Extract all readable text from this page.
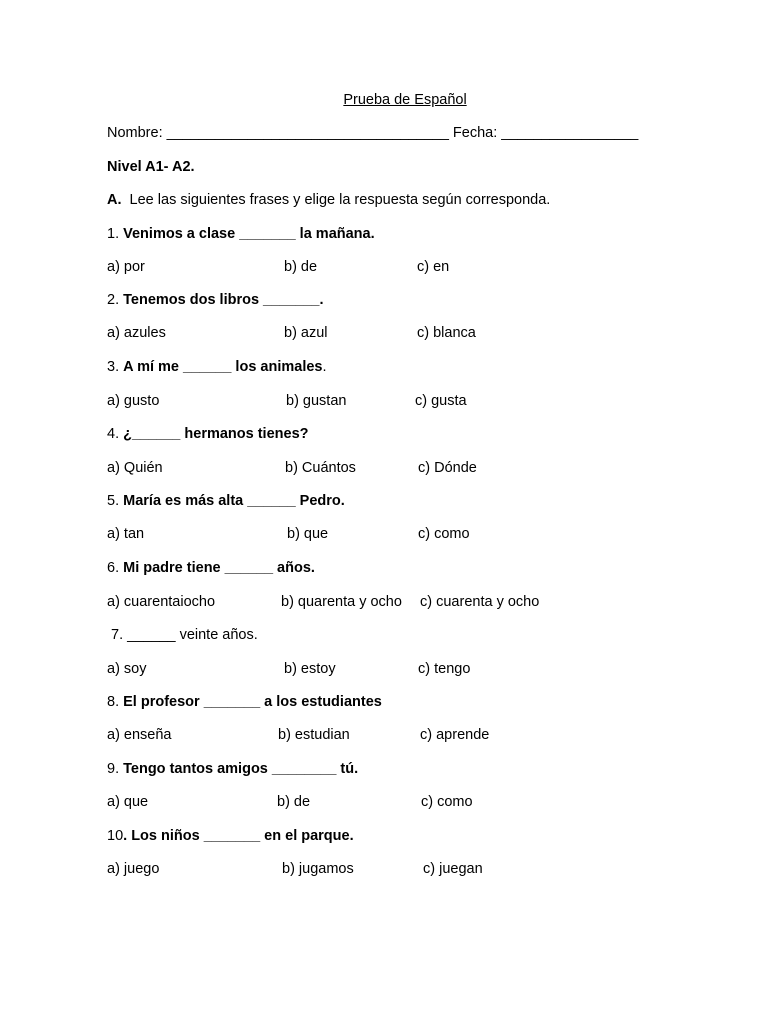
Prueba de Español
Nombre: ___________________________________ Fecha: _________________
Nivel A1- A2.
A.  Lee las siguientes frases y elige la respuesta según corresponda.
1. Venimos a clase _______ la mañana.
a) por	b) de	c) en
2. Tenemos dos libros _______.
a) azules	b) azul	c) blanca
3. A mí me ______ los animales.
a) gusto	b) gustan	c) gusta
4. ¿______ hermanos tienes?
a) Quién	b) Cuántos	c) Dónde
5. María es más alta ______ Pedro.
a) tan	b) que	c) como
6. Mi padre tiene ______ años.
a) cuarentaiocho	b) quarenta y ocho c) cuarenta y ocho
7. ______ veinte años.
a) soy	b) estoy	c) tengo
8. El profesor _______ a los estudiantes
a) enseña	b) estudian	c) aprende
9. Tengo tantos amigos ________ tú.
a) que	b) de	c) como
10. Los niños _______ en el parque.
a) juego	b) jugamos	c) juegan
